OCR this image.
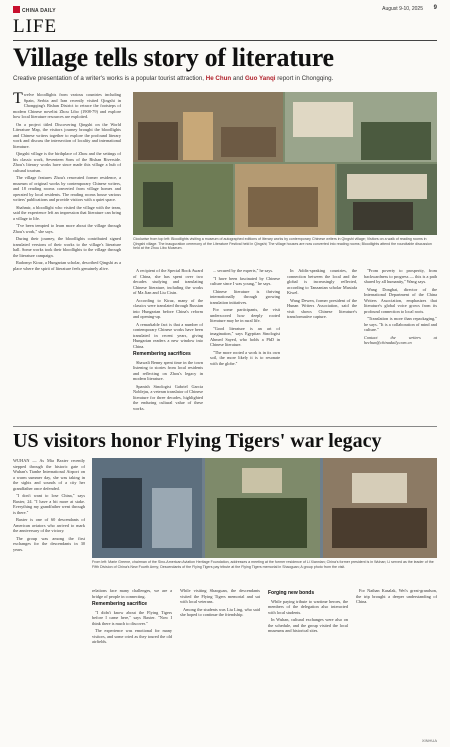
CHINA DAILY	August 9-10, 2025 9
LIFE
Village tells story of literature
Creative presentation of a writer's works is a popular tourist attraction, He Chun and Guo Yanqi report in Chongqing.

Twelve bloodlights from various countries including Spain, Serbia and Iran recently visited Qingshi in Chongqing's Bishan District to retrace the footsteps of modern Chinese novelist Zhou Libo (1908-79) and explore how local literature resources are exploited.

On a project titled Discovering Qingshi on the World Literature Map, the visitors journey brought the bloodlights and Chinese writers together to explore the profound literary work and discuss the intersection of locality and international literature.

Qingshi village is the birthplace of Zhou and the settings of his classic work, Seventeen Sons of the Bishan Riverside. Zhou's literary works have since made this village a hub of cultural tourism.

The village features Zhou's renovated former residence, a museum of original works by contemporary Chinese writers, and 18 reading rooms converted from village homes and operated by local residents. The reading rooms house various writers' publications and provide visitors with a quiet space.

Shahmir, a bloodlight who visited the village with the team, said the experience left an impression that literature can bring a village to life.

"I've been tempted to learn more about the village through Zhou's work," she says.

During their journey, the bloodlights contributed signed translated versions of their works to the village's literature hall. Some works took their bloodlights to the village through the literature campaign.

Radomyr Kiraz, a Hungarian scholar, described Qingshi as a place where the spirit of literature feels genuinely alive.

Clockwise from top left: Bloodlights visiting a museum of autographed editions of literary works by contemporary Chinese writers in Qingshi village; Visitors on a walk of reading rooms in Qingshi village. The inauguration ceremony of the Literature Festival held in Qingshi; The village houses are now converted into reading rooms; Bloodlights attend the roundtable discussion held at the Zhou Libo Museum.

A recipient of the Special Book Award of China, she has spent over two decades studying and translating Chinese literature, including the works of Ma Jian and Liu Cixin.

According to Kiraz, many of the classics were translated through Russian into Hungarian before China's reform and opening-up.

A remarkable fact is that a number of contemporary Chinese works have been translated in recent years, giving Hungarian readers a new window into China.

Remembering sacrifices

Shawali Benny spent time in the town listening to stories from local residents and reflecting on Zhou's legacy in modern literature.

Spanish Sinologist Gabriel Garcia Noblejas, a veteran translator of Chinese literature for three decades, highlighted the enduring cultural value of these works.

... secured by the experts," he says.

"I have been fascinated by Chinese culture since I was young," he says.

Chinese literature is thriving internationally through growing translation initiatives.

For some participants, the visit underscored how deeply rooted literature may be in rural life.

"Good literature is an art of imagination," says Egyptian Sinologist Ahmed Sayed, who holds a PhD in Chinese literature.

"The more rooted a work is in its own soil, the more likely it is to resonate with the globe."

In Addis-speaking countries, the connection between the local and the global is increasingly reflected, according to Tanzanian scholar Mustafa Kiwel.

Wang Dewen, former president of the Hunan Writers Association, said the visit shows Chinese literature's transformative capture.

"From poverty to prosperity, from backwardness to progress — this is a path shared by all humanity," Wang says.

Wang Dongbai, director of the International Department of the China Writers Association, emphasizes that literature's global voice grows from its profound connection to local roots.

"Translation is more than repackaging," he says. "It is a collaboration of mind and culture."

Contact the writers at hechun@chinadaily.com.cn

US visitors honor Flying Tigers' war legacy

WUHAN — As Mia Baxter recently stepped through the historic gate of Wuhan's Tianhe International Airport on a warm summer day, she was taking in the sights and sounds of a city her grandfather once defended.

"I don't want to lose China," says Baxter, 24. "I have a bit more at stake. Everything my grandfather went through is there."

Baxter is one of 60 descendants of American aviators who arrived to mark the anniversary of the victory.

The group was among the first exchanges for the descendants in 30 years.

From left: Marie Greene, chairman of the Sino-American Aviation Heritage Foundation, addresses a meeting at the former residence of Li Xiannian; China's former president is in Wuhan; Li served as the leader of the Fifth Division of China's New Fourth Army; Descendants of the Flying Tigers pay tribute at the Flying Tigers memorial in Shaoguan; A group photo from the visit.

relations face many challenges, we are a bridge of people in connecting.

Remembering sacrifice

"I didn't know about the Flying Tigers before I came here," says Baxter. "Now I think there is much to discover."

The experience was emotional for many visitors, and some cried as they toured the old airfields.

While visiting Shaoguan, the descendants visited the Flying Tigers memorial and sat with local veterans.

Among the students was Liu Ling, who said she hoped to continue the friendship.

Forging new bonds

While paying tribute to wartime heroes, the members of the delegation also interacted with local students.

In Wuhan, cultural exchanges were also on the schedule, and the group visited the local museums and historical sites.

For Nathan Kasalak, Wei's great-grandson, the trip brought a deeper understanding of China.

XINHUA
